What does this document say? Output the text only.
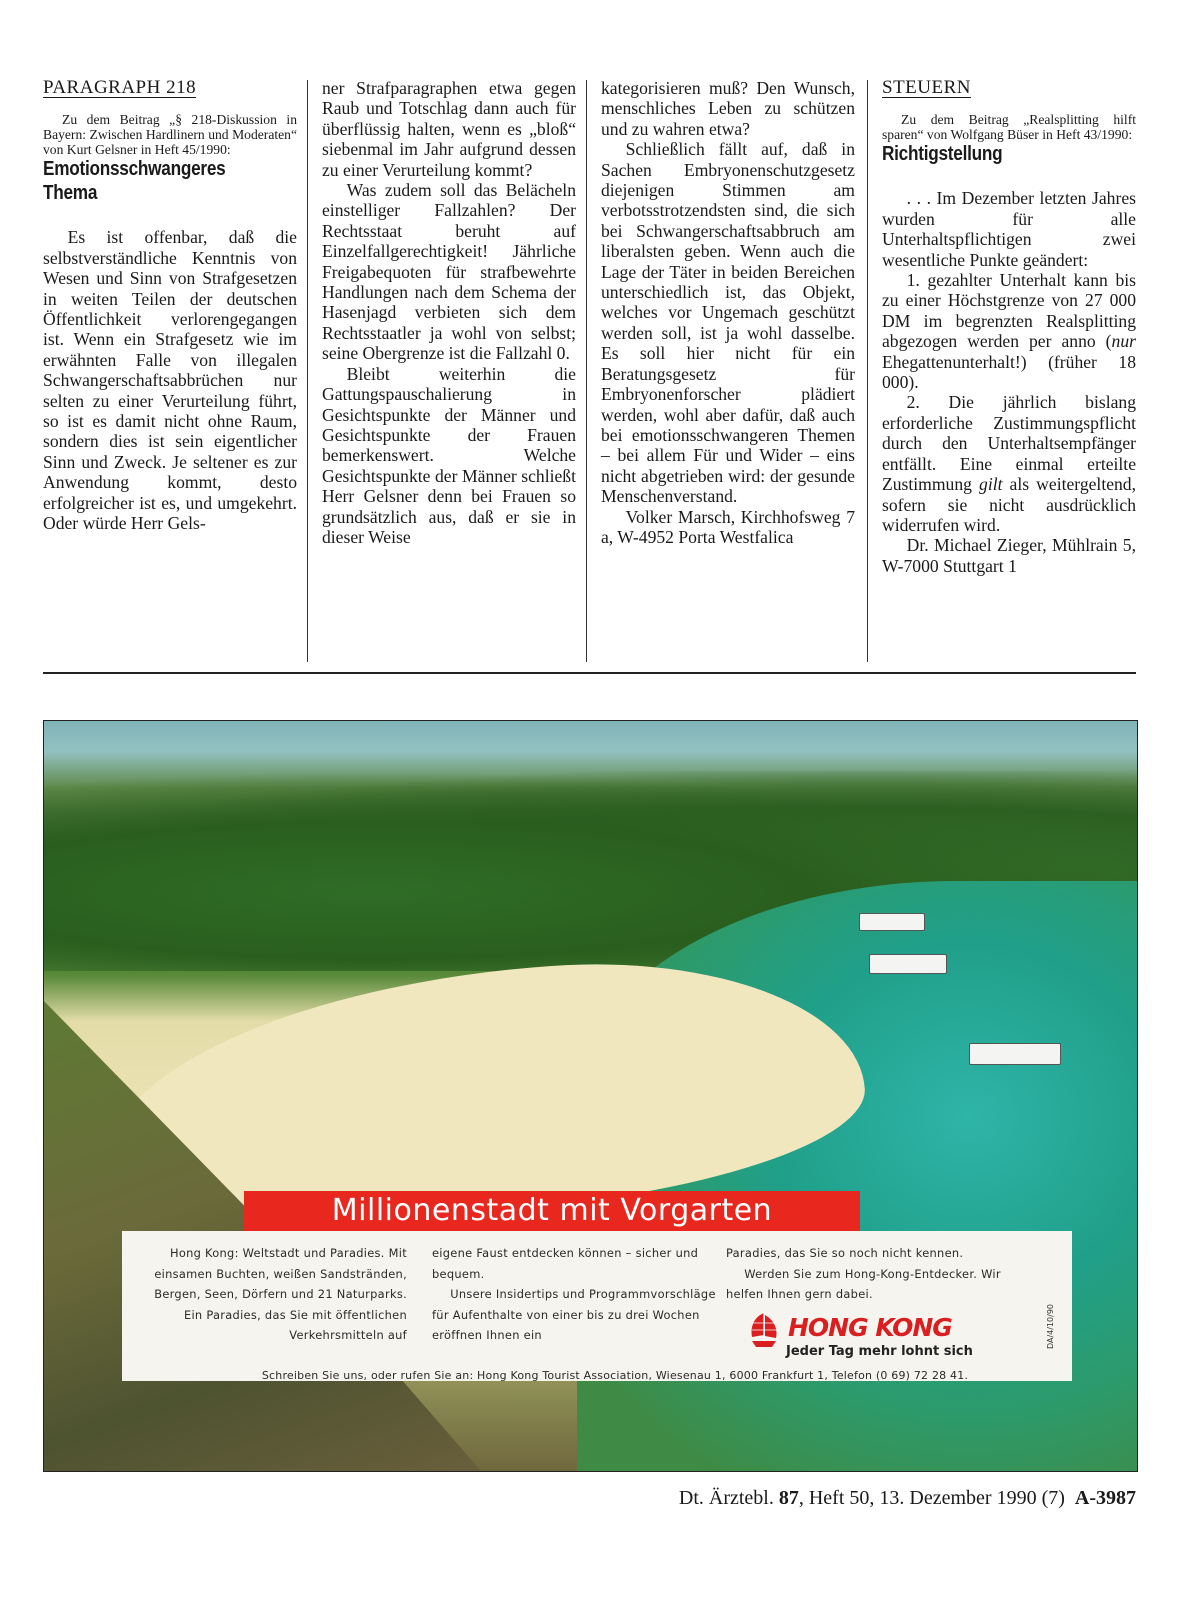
PARAGRAPH 218

Zu dem Beitrag „§ 218-Diskussion in Bayern: Zwischen Hardlinern und Moderaten“ von Kurt Gelsner in Heft 45/1990:

Emotionsschwangeres Thema

Es ist offenbar, daß die selbstverständliche Kenntnis von Wesen und Sinn von Strafgesetzen in weiten Teilen der deutschen Öffentlichkeit verlorengegangen ist. Wenn ein Strafgesetz wie im erwähnten Falle von illegalen Schwangerschaftsabbrüchen nur selten zu einer Verurteilung führt, so ist es damit nicht ohne Raum, sondern dies ist sein eigentlicher Sinn und Zweck. Je seltener es zur Anwendung kommt, desto erfolgreicher ist es, und umgekehrt. Oder würde Herr Gels-

ner Strafparagraphen etwa gegen Raub und Totschlag dann auch für überflüssig halten, wenn es „bloß“ siebenmal im Jahr aufgrund dessen zu einer Verurteilung kommt?

Was zudem soll das Belächeln einstelliger Fallzahlen? Der Rechtsstaat beruht auf Einzelfallgerechtigkeit! Jährliche Freigabequoten für strafbewehrte Handlungen nach dem Schema der Hasenjagd verbieten sich dem Rechtsstaatler ja wohl von selbst; seine Obergrenze ist die Fallzahl 0.

Bleibt weiterhin die Gattungspauschalierung in Gesichtspunkte der Männer und Gesichtspunkte der Frauen bemerkenswert. Welche Gesichtspunkte der Männer schließt Herr Gelsner denn bei Frauen so grundsätzlich aus, daß er sie in dieser Weise

kategorisieren muß? Den Wunsch, menschliches Leben zu schützen und zu wahren etwa?

Schließlich fällt auf, daß in Sachen Embryonenschutzgesetz diejenigen Stimmen am verbotsstrotzendsten sind, die sich bei Schwangerschaftsabbruch am liberalsten geben. Wenn auch die Lage der Täter in beiden Bereichen unterschiedlich ist, das Objekt, welches vor Ungemach geschützt werden soll, ist ja wohl dasselbe. Es soll hier nicht für ein Beratungsgesetz für Embryonenforscher plädiert werden, wohl aber dafür, daß auch bei emotionsschwangeren Themen – bei allem Für und Wider – eins nicht abgetrieben wird: der gesunde Menschenverstand.

Volker Marsch, Kirchhofsweg 7 a, W-4952 Porta Westfalica

STEUERN

Zu dem Beitrag „Realsplitting hilft sparen“ von Wolfgang Büser in Heft 43/1990:

Richtigstellung

. . . Im Dezember letzten Jahres wurden für alle Unterhaltspflichtigen zwei wesentliche Punkte geändert:

1. gezahlter Unterhalt kann bis zu einer Höchstgrenze von 27 000 DM im begrenzten Realsplitting abgezogen werden per anno (nur Ehegattenunterhalt!) (früher 18 000).

2. Die jährlich bislang erforderliche Zustimmungspflicht durch den Unterhaltsempfänger entfällt. Eine einmal erteilte Zustimmung gilt als weitergeltend, sofern sie nicht ausdrücklich widerrufen wird.

Dr. Michael Zieger, Mühlrain 5, W-7000 Stuttgart 1

Millionenstadt mit Vorgarten

Hong Kong: Weltstadt und Paradies. Mit einsamen Buchten, weißen Sandstränden, Bergen, Seen, Dörfern und 21 Naturparks. Ein Paradies, das Sie mit öffentlichen Verkehrsmitteln auf

eigene Faust entdecken können – sicher und bequem.

Unsere Insidertips und Programmvorschläge für Aufenthalte von einer bis zu drei Wochen eröffnen Ihnen ein

Paradies, das Sie so noch nicht kennen.

Werden Sie zum Hong-Kong-Entdecker. Wir helfen Ihnen gern dabei.

HONG KONG
Jeder Tag mehr lohnt sich
DA/4/10/90
Schreiben Sie uns, oder rufen Sie an: Hong Kong Tourist Association, Wiesenau 1, 6000 Frankfurt 1, Telefon (0 69) 72 28 41.
Dt. Ärztebl. 87, Heft 50, 13. Dezember 1990 (7) A-3987
